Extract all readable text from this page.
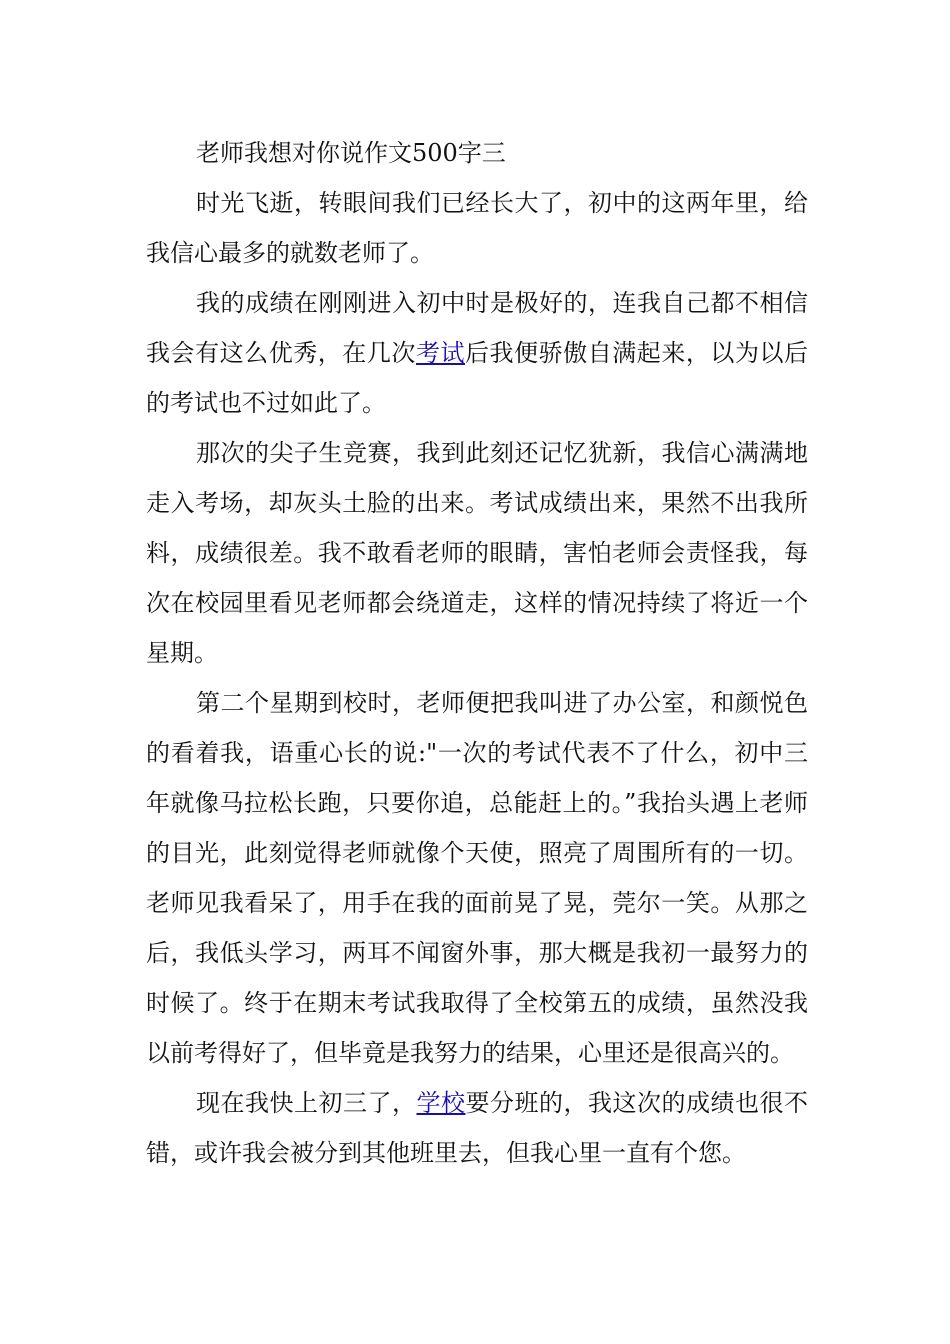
老师我想对你说作文500字三

时光飞逝，转眼间我们已经长大了，初中的这两年里，给我信心最多的就数老师了。

我的成绩在刚刚进入初中时是极好的，连我自己都不相信我会有这么优秀，在几次考试后我便骄傲自满起来，以为以后的考试也不过如此了。

那次的尖子生竞赛，我到此刻还记忆犹新，我信心满满地走入考场，却灰头土脸的出来。考试成绩出来，果然不出我所料，成绩很差。我不敢看老师的眼睛，害怕老师会责怪我，每次在校园里看见老师都会绕道走，这样的情况持续了将近一个星期。

第二个星期到校时，老师便把我叫进了办公室，和颜悦色的看着我，语重心长的说:"一次的考试代表不了什么，初中三年就像马拉松长跑，只要你追，总能赶上的。”我抬头遇上老师的目光，此刻觉得老师就像个天使，照亮了周围所有的一切。老师见我看呆了，用手在我的面前晃了晃，莞尔一笑。从那之后，我低头学习，两耳不闻窗外事，那大概是我初一最努力的时候了。终于在期末考试我取得了全校第五的成绩，虽然没我以前考得好了，但毕竟是我努力的结果，心里还是很高兴的。

现在我快上初三了，学校要分班的，我这次的成绩也很不错，或许我会被分到其他班里去，但我心里一直有个您。
